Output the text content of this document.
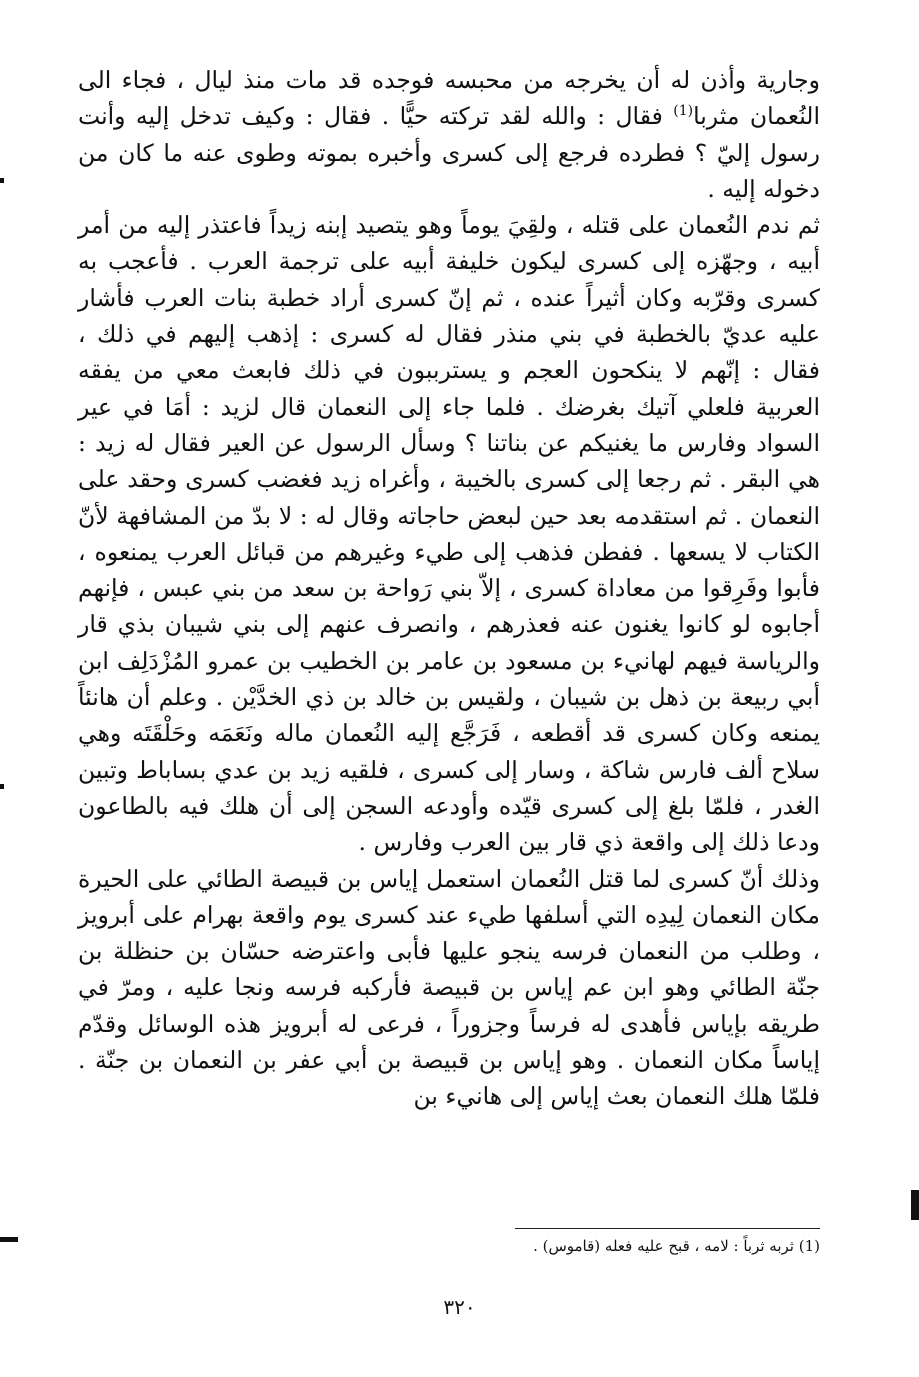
وجارية وأذن له أن يخرجه من محبسه فوجده قد مات منذ ليال ، فجاء الى النُعمان مثربا$^{(1)}$ فقال : والله لقد تركته حيًّا . فقال : وكيف تدخل إليه وأنت رسول إليّ ؟ فطرده فرجع إلى كسرى وأخبره بموته وطوى عنه ما كان من دخوله إليه .

ثم ندم النُعمان على قتله ، ولقِيَ يوماً وهو يتصيد إبنه زيداً فاعتذر إليه من أمر أبيه ، وجهّزه إلى كسرى ليكون خليفة أبيه على ترجمة العرب . فأعجب به كسرى وقرّبه وكان أثيراً عنده ، ثم إنّ كسرى أراد خطبة بنات العرب فأشار عليه عديّ بالخطبة في بني منذر فقال له كسرى : إذهب إليهم في ذلك ، فقال : إنّهم لا ينكحون العجم و يسترببون في ذلك فابعث معي من يفقه العربية فلعلي آتيك بغرضك . فلما جاء إلى النعمان قال لزيد : أمَا في عير السواد وفارس ما يغنيكم عن بناتنا ؟ وسأل الرسول عن العير فقال له زيد : هي البقر . ثم رجعا إلى كسرى بالخيبة ، وأغراه زيد فغضب كسرى وحقد على النعمان . ثم استقدمه بعد حين لبعض حاجاته وقال له : لا بدّ من المشافهة لأنّ الكتاب لا يسعها . ففطن فذهب إلى طيء وغيرهم من قبائل العرب يمنعوه ، فأبوا وفَرِقوا من معاداة كسرى ، إلاّ بني رَواحة بن سعد من بني عبس ، فإنهم أجابوه لو كانوا يغنون عنه فعذرهم ، وانصرف عنهم إلى بني شيبان بذي قار والرياسة فيهم لهانيء بن مسعود بن عامر بن الخطيب بن عمرو المُزْدَلِف ابن أبي ربيعة بن ذهل بن شيبان ، ولقيس بن خالد بن ذي الخدَّيْن . وعلم أن هانئاً يمنعه وكان كسرى قد أقطعه ، فَرَجَّع إليه النُعمان ماله ونَعَمَه وحَلْقَتَه وهي سلاح ألف فارس شاكة ، وسار إلى كسرى ، فلقيه زيد بن عدي بساباط وتبين الغدر ، فلمّا بلغ إلى كسرى قيّده وأودعه السجن إلى أن هلك فيه بالطاعون ودعا ذلك إلى واقعة ذي قار بين العرب وفارس .

وذلك أنّ كسرى لما قتل النُعمان استعمل إياس بن قبيصة الطائي على الحيرة مكان النعمان لِيدِه التي أسلفها طيء عند كسرى يوم واقعة بهرام على أبرويز ، وطلب من النعمان فرسه ينجو عليها فأبى واعترضه حسّان بن حنظلة بن جنّة الطائي وهو ابن عم إياس بن قبيصة فأركبه فرسه ونجا عليه ، ومرّ في طريقه بإياس فأهدى له فرساً وجزوراً ، فرعى له أبرويز هذه الوسائل وقدّم إياساً مكان النعمان . وهو إياس بن قبيصة بن أبي عفر بن النعمان بن جنّة . فلمّا هلك النعمان بعث إياس إلى هانيء بن

(1) ثربه ثرباً : لامه ، قبح عليه فعله (قاموس) .
٣٢٠
